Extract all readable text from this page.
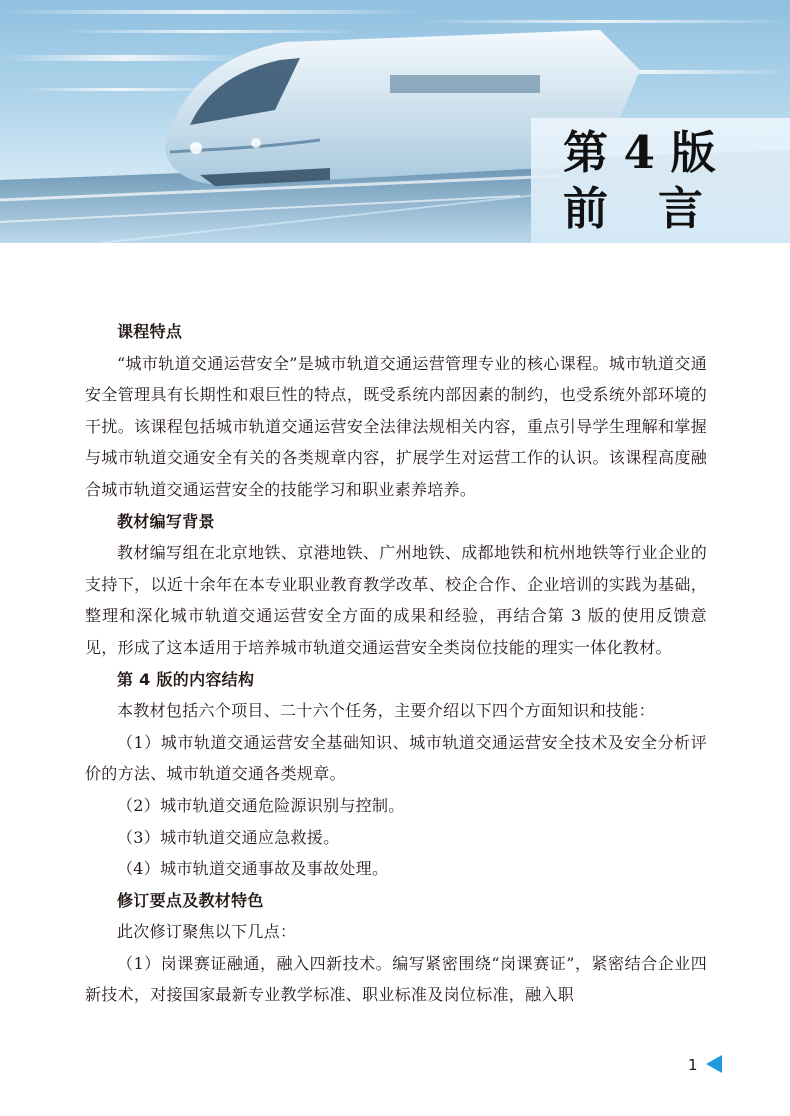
第 4 版
前言
课程特点

“城市轨道交通运营安全”是城市轨道交通运营管理专业的核心课程。城市轨道交通安全管理具有长期性和艰巨性的特点，既受系统内部因素的制约，也受系统外部环境的干扰。该课程包括城市轨道交通运营安全法律法规相关内容，重点引导学生理解和掌握与城市轨道交通安全有关的各类规章内容，扩展学生对运营工作的认识。该课程高度融合城市轨道交通运营安全的技能学习和职业素养培养。

教材编写背景

教材编写组在北京地铁、京港地铁、广州地铁、成都地铁和杭州地铁等行业企业的支持下，以近十余年在本专业职业教育教学改革、校企合作、企业培训的实践为基础，整理和深化城市轨道交通运营安全方面的成果和经验，再结合第 3 版的使用反馈意见，形成了这本适用于培养城市轨道交通运营安全类岗位技能的理实一体化教材。

第 4 版的内容结构

本教材包括六个项目、二十六个任务，主要介绍以下四个方面知识和技能：

（1）城市轨道交通运营安全基础知识、城市轨道交通运营安全技术及安全分析评价的方法、城市轨道交通各类规章。

（2）城市轨道交通危险源识别与控制。

（3）城市轨道交通应急救援。

（4）城市轨道交通事故及事故处理。

修订要点及教材特色

此次修订聚焦以下几点：

（1）岗课赛证融通，融入四新技术。编写紧密围绕“岗课赛证”，紧密结合企业四新技术，对接国家最新专业教学标准、职业标准及岗位标准，融入职

1
